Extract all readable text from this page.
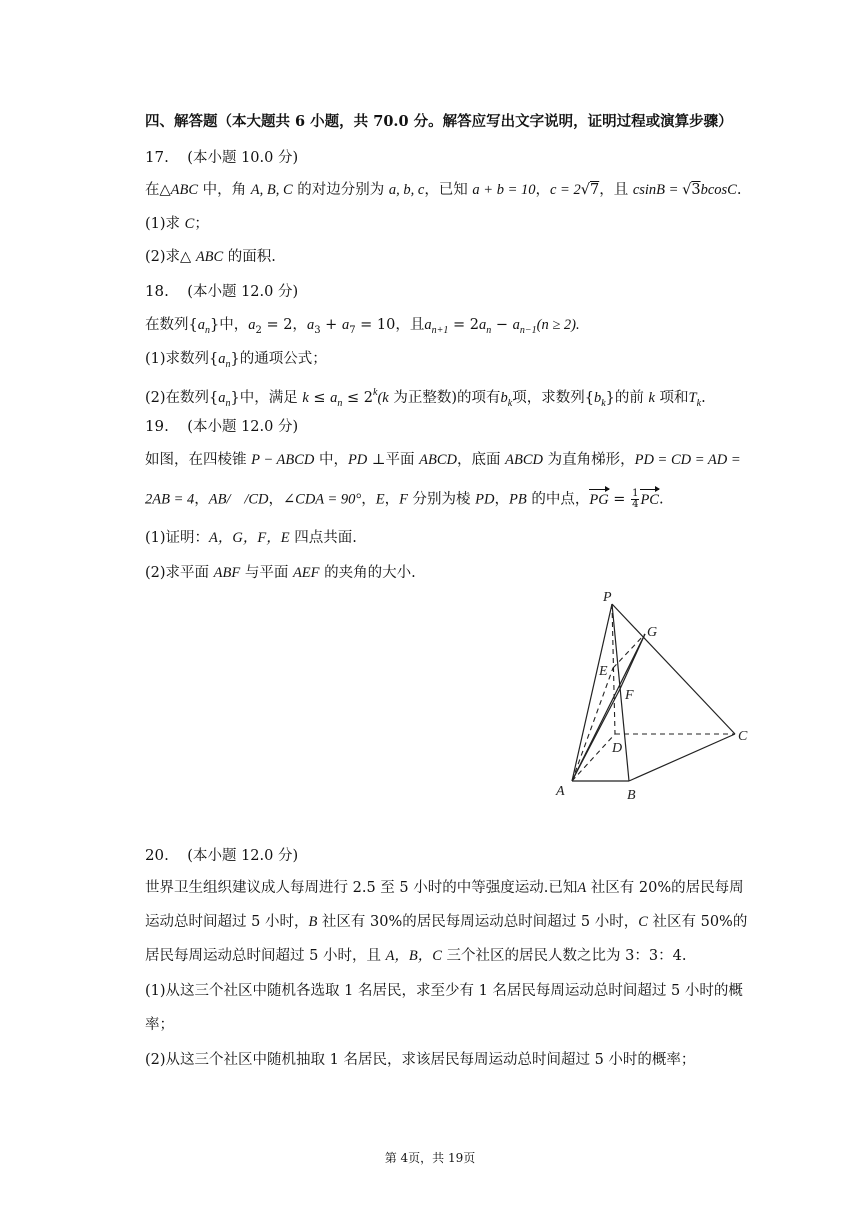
四、解答题（本大题共 6 小题，共 70.0 分。解答应写出文字说明，证明过程或演算步骤）
17. (本小题 10.0 分)
在△ABC 中，角 A, B, C 的对边分别为 a, b, c，已知 a + b = 10，c = 2√7，且 csinB = √3bcosC.
(1)求 C；
(2)求△ ABC 的面积.
18. (本小题 12.0 分)
在数列$\{a_n\}$中，$a_2 = 2$，$a_3 + a_7 = 10$，且$a_{n+1} = 2a_n - a_{n-1}(n \ge 2)$.
(1)求数列$\{a_n\}$的通项公式；
(2)在数列$\{a_n\}$中，满足 $k \le a_n \le 2^k(k$ 为正整数)的项有$b_k$项，求数列$\{b_k\}$的前 k 项和$T_k$.
19. (本小题 12.0 分)
如图，在四棱锥 P − ABCD 中，PD ⊥平面 ABCD，底面 ABCD 为直角梯形，PD = CD = AD =
2AB = 4，AB/ /CD，∠CDA = 90°，E，F 分别为棱 PD，PB 的中点，PG = $\frac{1}{4}$ PC.
(1)证明：A，G，F，E 四点共面.
(2)求平面 ABF 与平面 AEF 的夹角的大小.
P
G
E
F
C
D
A	B
20. (本小题 12.0 分)
世界卫生组织建议成人每周进行 2.5 至 5 小时的中等强度运动.已知A 社区有 20%的居民每周
运动总时间超过 5 小时，B 社区有 30%的居民每周运动总时间超过 5 小时，C 社区有 50%的
居民每周运动总时间超过 5 小时，且 A，B，C 三个社区的居民人数之比为 3：3：4.
(1)从这三个社区中随机各选取 1 名居民，求至少有 1 名居民每周运动总时间超过 5 小时的概
率；
(2)从这三个社区中随机抽取 1 名居民，求该居民每周运动总时间超过 5 小时的概率；
第 4页，共 19页
